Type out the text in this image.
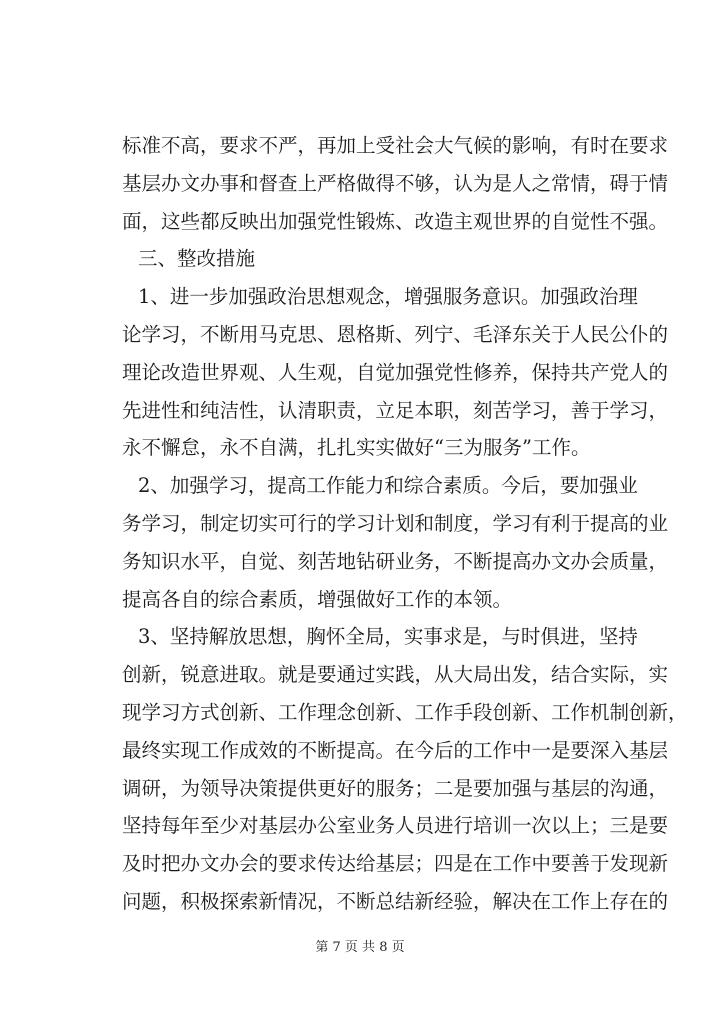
标准不高，要求不严，再加上受社会大气候的影响，有时在要求
基层办文办事和督查上严格做得不够，认为是人之常情，碍于情
面，这些都反映出加强党性锻炼、改造主观世界的自觉性不强。
三、整改措施
1、进一步加强政治思想观念，增强服务意识。加强政治理
论学习，不断用马克思、恩格斯、列宁、毛泽东关于人民公仆的
理论改造世界观、人生观，自觉加强党性修养，保持共产党人的
先进性和纯洁性，认清职责，立足本职，刻苦学习，善于学习，
永不懈怠，永不自满，扎扎实实做好“三为服务”工作。
2、加强学习，提高工作能力和综合素质。今后，要加强业
务学习，制定切实可行的学习计划和制度，学习有利于提高的业
务知识水平，自觉、刻苦地钻研业务，不断提高办文办会质量，
提高各自的综合素质，增强做好工作的本领。
3、坚持解放思想，胸怀全局，实事求是，与时俱进，坚持
创新，锐意进取。就是要通过实践，从大局出发，结合实际，实
现学习方式创新、工作理念创新、工作手段创新、工作机制创新，
最终实现工作成效的不断提高。在今后的工作中一是要深入基层
调研，为领导决策提供更好的服务；二是要加强与基层的沟通，
坚持每年至少对基层办公室业务人员进行培训一次以上；三是要
及时把办文办会的要求传达给基层；四是在工作中要善于发现新
问题，积极探索新情况，不断总结新经验，解决在工作上存在的
第 7 页 共 8 页
